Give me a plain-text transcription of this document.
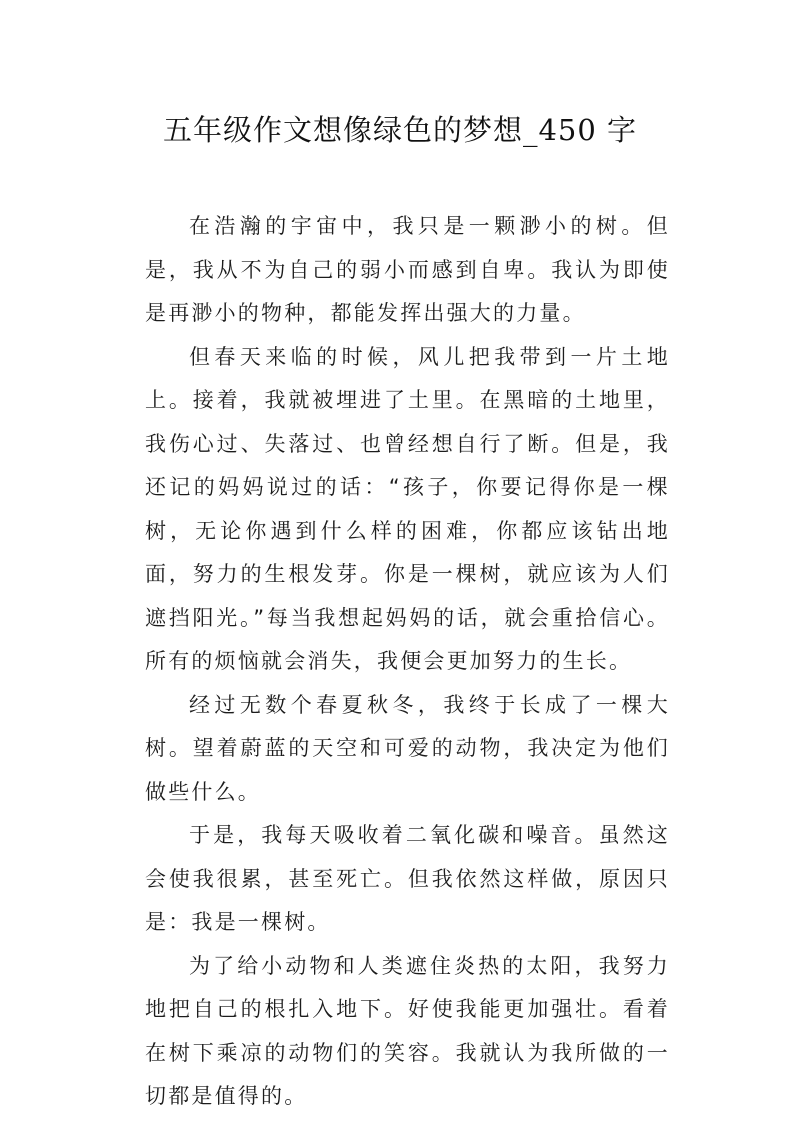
五年级作文想像绿色的梦想_450 字

在浩瀚的宇宙中，我只是一颗渺小的树。但是，我从不为自己的弱小而感到自卑。我认为即使是再渺小的物种，都能发挥出强大的力量。

但春天来临的时候，风儿把我带到一片土地上。接着，我就被埋进了土里。在黑暗的土地里，我伤心过、失落过、也曾经想自行了断。但是，我还记的妈妈说过的话：“孩子，你要记得你是一棵树，无论你遇到什么样的困难，你都应该钻出地面，努力的生根发芽。你是一棵树，就应该为人们遮挡阳光。”每当我想起妈妈的话，就会重拾信心。所有的烦恼就会消失，我便会更加努力的生长。

经过无数个春夏秋冬，我终于长成了一棵大树。望着蔚蓝的天空和可爱的动物，我决定为他们做些什么。

于是，我每天吸收着二氧化碳和噪音。虽然这会使我很累，甚至死亡。但我依然这样做，原因只是：我是一棵树。

为了给小动物和人类遮住炎热的太阳，我努力地把自己的根扎入地下。好使我能更加强壮。看着在树下乘凉的动物们的笑容。我就认为我所做的一切都是值得的。
